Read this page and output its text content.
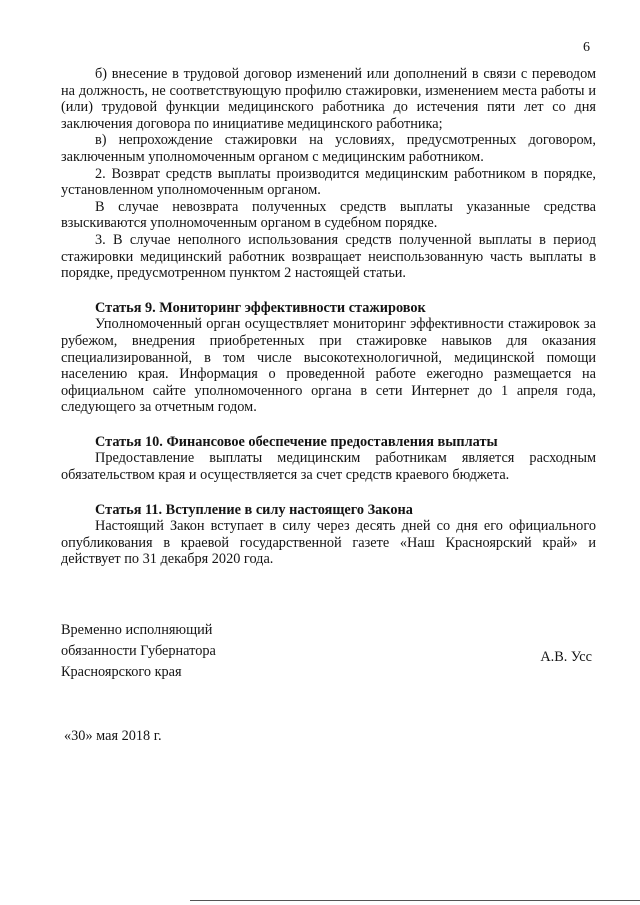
6

б) внесение в трудовой договор изменений или дополнений в связи с переводом на должность, не соответствующую профилю стажировки, изменением места работы и (или) трудовой функции медицинского работника до истечения пяти лет со дня заключения договора по инициативе медицинского работника;

в) непрохождение стажировки на условиях, предусмотренных договором, заключенным уполномоченным органом с медицинским работником.

2. Возврат средств выплаты производится медицинским работником в порядке, установленном уполномоченным органом.

В случае невозврата полученных средств выплаты указанные средства взыскиваются уполномоченным органом в судебном порядке.

3. В случае неполного использования средств полученной выплаты в период стажировки медицинский работник возвращает неиспользованную часть выплаты в порядке, предусмотренном пунктом 2 настоящей статьи.

Статья 9. Мониторинг эффективности стажировок

Уполномоченный орган осуществляет мониторинг эффективности стажировок за рубежом, внедрения приобретенных при стажировке навыков для оказания специализированной, в том числе высокотехнологичной, медицинской помощи населению края. Информация о проведенной работе ежегодно размещается на официальном сайте уполномоченного органа в сети Интернет до 1 апреля года, следующего за отчетным годом.

Статья 10. Финансовое обеспечение предоставления выплаты

Предоставление выплаты медицинским работникам является расходным обязательством края и осуществляется за счет средств краевого бюджета.

Статья 11. Вступление в силу настоящего Закона

Настоящий Закон вступает в силу через десять дней со дня его официального опубликования в краевой государственной газете «Наш Красноярский край» и действует по 31 декабря 2020 года.

Временно исполняющий
обязанности Губернатора
Красноярского края
А.В. Усс
«30» мая 2018 г.
